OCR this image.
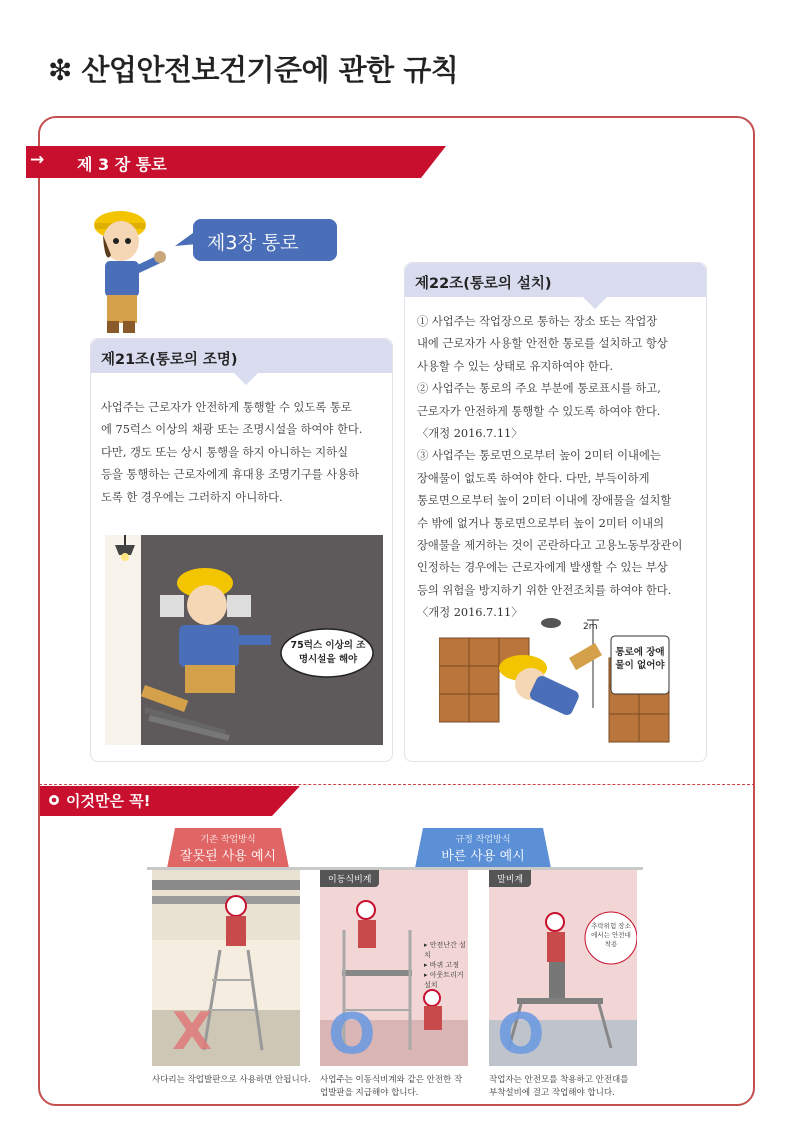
❇ 산업안전보건기준에 관한 규칙
→ 제 3 장 통로
제3장 통로
제21조(통로의 조명)

사업주는 근로자가 안전하게 통행할 수 있도록 통로

에 75럭스 이상의 채광 또는 조명시설을 하여야 한다.

다만, 갱도 또는 상시 통행을 하지 아니하는 지하실

등을 통행하는 근로자에게 휴대용 조명기구를 사용하

도록 한 경우에는 그러하지 아니하다.

75럭스 이상의 조명시설을 해야
제22조(통로의 설치)

① 사업주는 작업장으로 통하는 장소 또는 작업장

내에 근로자가 사용할 안전한 통로를 설치하고 항상

사용할 수 있는 상태로 유지하여야 한다.

② 사업주는 통로의 주요 부분에 통로표시를 하고,

근로자가 안전하게 통행할 수 있도록 하여야 한다.

〈개정 2016.7.11〉

③ 사업주는 통로면으로부터 높이 2미터 이내에는

장애물이 없도록 하여야 한다. 다만, 부득이하게

통로면으로부터 높이 2미터 이내에 장애물을 설치할

수 밖에 없거나 통로면으로부터 높이 2미터 이내의

장애물을 제거하는 것이 곤란하다고 고용노동부장관이

인정하는 경우에는 근로자에게 발생할 수 있는 부상

등의 위험을 방지하기 위한 안전조치를 하여야 한다.

〈개정 2016.7.11〉

2m
통로에 장애물이 없어야
이것만은 꼭!
기존 작업방식
잘못된 사용 예시
규정 작업방식
바른 사용 예시
X
이동식비계
▸ 안전난간 설치
▸ 바퀴 고정
▸ 아웃트리거 설치
O
말비계
추락위험 장소에서는 안전대 착용
O
사다리는 작업발판으로 사용하면 안됩니다. 사업주는 이동식비계와 같은 안전한 작업발판을 지급해야 합니다.
작업자는 안전모를 착용하고 안전대를 부착설비에 걸고 작업해야 합니다.
